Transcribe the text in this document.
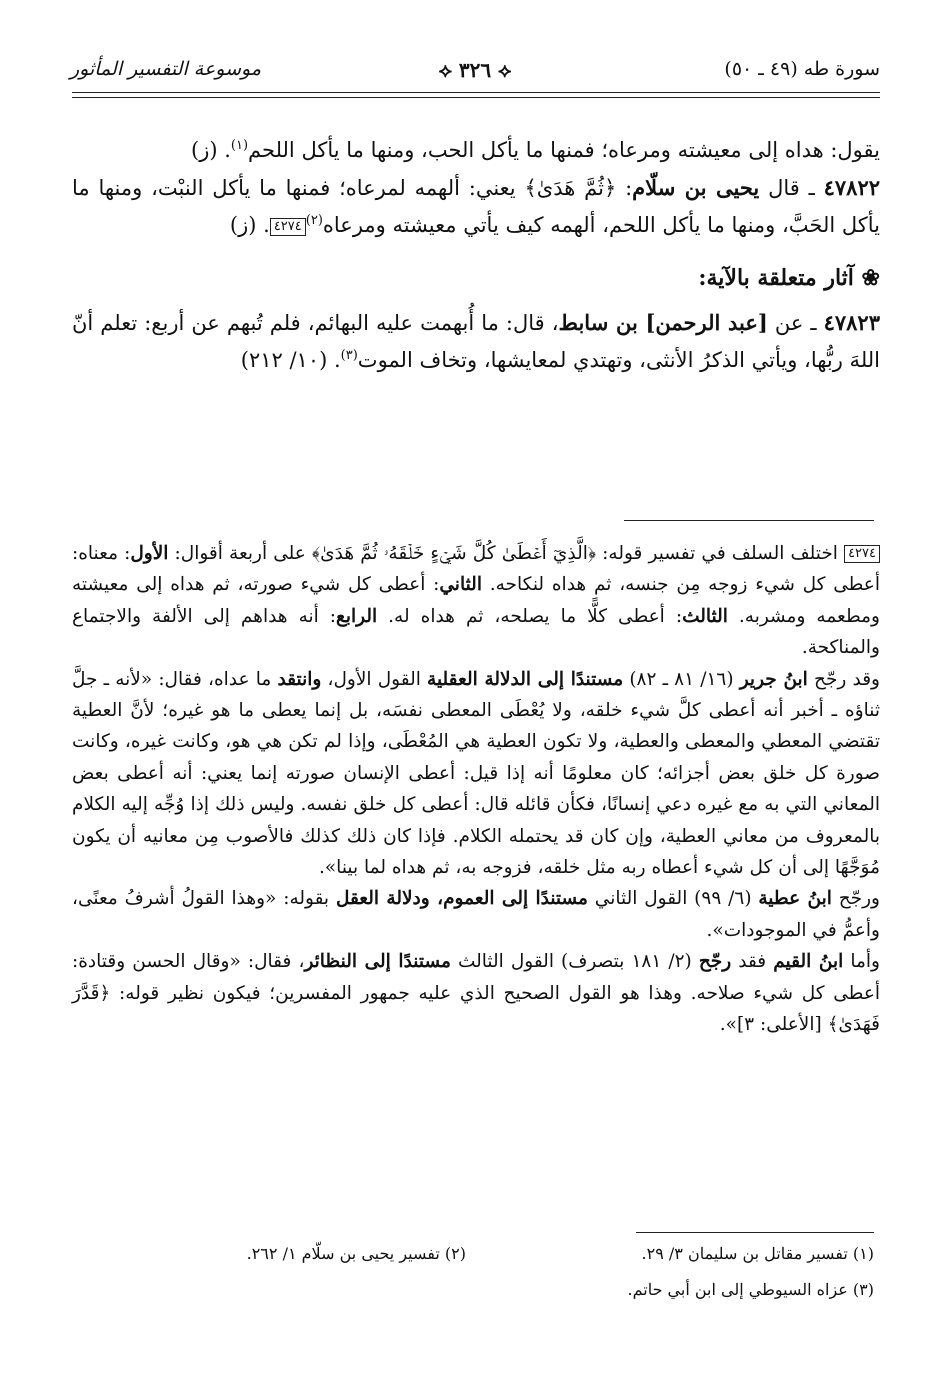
سورة طه (٤٩ ـ ٥٠)
⟡ ٣٢٦ ⟡
موسوعة التفسير المأثور

يقول: هداه إلى معيشته ومرعاه؛ فمنها ما يأكل الحب، ومنها ما يأكل اللحم$^{(١)}$. (ز)

٤٧٨٢٢ ـ قال يحيى بن سلّام: ﴿ثُمَّ هَدَىٰ﴾ يعني: ألهمه لمرعاه؛ فمنها ما يأكل النبْت، ومنها ما يأكل الحَبَّ، ومنها ما يأكل اللحم، ألهمه كيف يأتي معيشته ومرعاه$^{(٢)}$٤٢٧٤. (ز)

❀ آثار متعلقة بالآية:

٤٧٨٢٣ ـ عن [عبد الرحمن] بن سابط، قال: ما أُبهمت عليه البهائم، فلم تُبهم عن أربع: تعلم أنّ اللهَ ربُّها، ويأتي الذكرُ الأنثى، وتهتدي لمعايشها، وتخاف الموت$^{(٣)}$. (١٠/ ٢١٢)

٤٢٧٤ اختلف السلف في تفسير قوله: ﴿الَّذِيٓ أَعۡطَىٰ كُلَّ شَيۡءٍ خَلۡقَهُۥ ثُمَّ هَدَىٰ﴾ على أربعة أقوال: الأول: معناه: أعطى كل شيء زوجه مِن جنسه، ثم هداه لنكاحه. الثاني: أعطى كل شيء صورته، ثم هداه إلى معيشته ومطعمه ومشربه. الثالث: أعطى كلًّا ما يصلحه، ثم هداه له. الرابع: أنه هداهم إلى الألفة والاجتماع والمناكحة.

وقد رجّح ابنُ جرير (١٦/ ٨١ ـ ٨٢) مستندًا إلى الدلالة العقلية القول الأول، وانتقد ما عداه، فقال: «لأنه ـ جلَّ ثناؤه ـ أخبر أنه أعطى كلَّ شيء خلقه، ولا يُعْطَى المعطى نفسَه، بل إنما يعطى ما هو غيره؛ لأنَّ العطية تقتضي المعطي والمعطى والعطية، ولا تكون العطية هي المُعْطَى، وإذا لم تكن هي هو، وكانت غيره، وكانت صورة كل خلق بعض أجزائه؛ كان معلومًا أنه إذا قيل: أعطى الإنسان صورته إنما يعني: أنه أعطى بعض المعاني التي به مع غيره دعي إنسانًا، فكأن قائله قال: أعطى كل خلق نفسه. وليس ذلك إذا وُجِّه إليه الكلام بالمعروف من معاني العطية، وإن كان قد يحتمله الكلام. فإذا كان ذلك كذلك فالأصوب مِن معانيه أن يكون مُوَجَّهًا إلى أن كل شيء أعطاه ربه مثل خلقه، فزوجه به، ثم هداه لما بينا».

ورجّح ابنُ عطية (٦/ ٩٩) القول الثاني مستندًا إلى العموم، ودلالة العقل بقوله: «وهذا القولُ أشرفُ معنًى، وأعمُّ في الموجودات».

وأما ابنُ القيم فقد رجّح (٢/ ١٨١ بتصرف) القول الثالث مستندًا إلى النظائر، فقال: «وقال الحسن وقتادة: أعطى كل شيء صلاحه. وهذا هو القول الصحيح الذي عليه جمهور المفسرين؛ فيكون نظير قوله: ﴿قَدَّرَ فَهَدَىٰ﴾ [الأعلى: ٣]».

(١) تفسير مقاتل بن سليمان ٣/ ٢٩.
(٢) تفسير يحيى بن سلّام ١/ ٢٦٢.
(٣) عزاه السيوطي إلى ابن أبي حاتم.
